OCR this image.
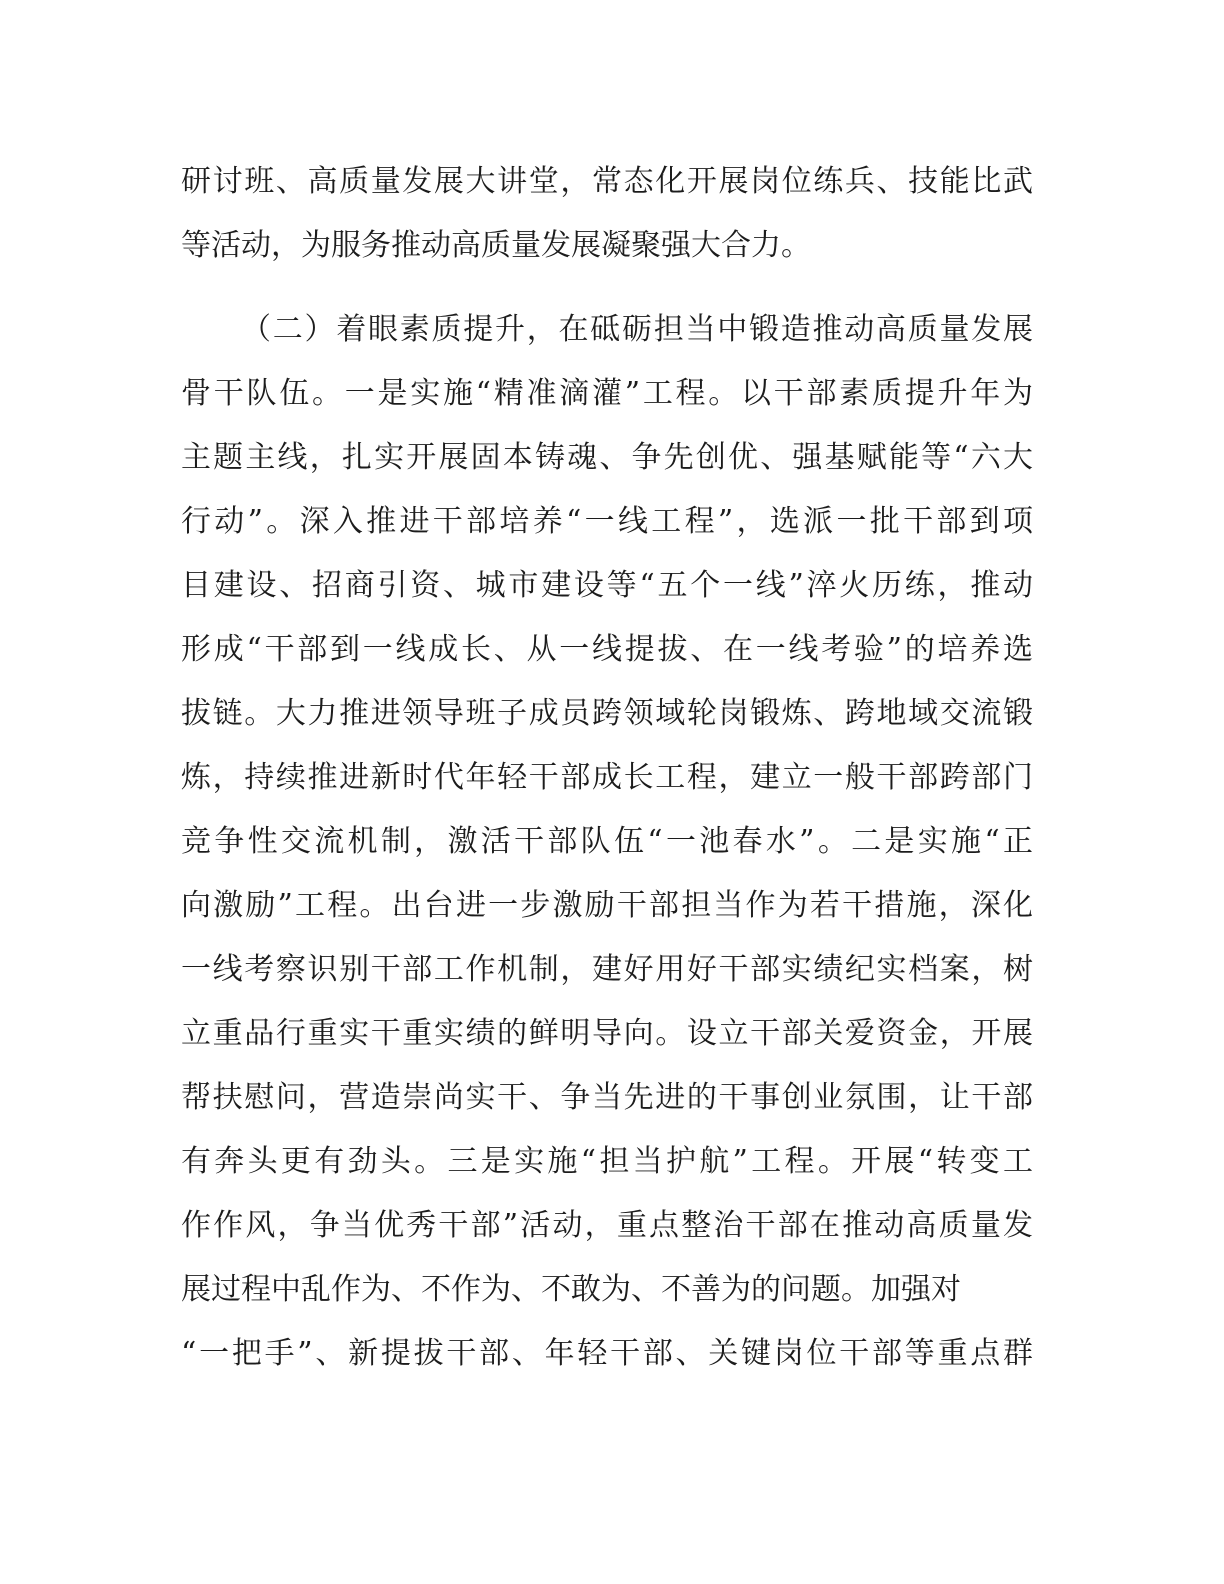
研讨班、高质量发展大讲堂，常态化开展岗位练兵、技能比武
等活动，为服务推动高质量发展凝聚强大合力。
（二）着眼素质提升，在砥砺担当中锻造推动高质量发展
骨干队伍。一是实施“精准滴灌”工程。以干部素质提升年为
主题主线，扎实开展固本铸魂、争先创优、强基赋能等“六大
行动”。深入推进干部培养“一线工程”，选派一批干部到项
目建设、招商引资、城市建设等“五个一线”淬火历练，推动
形成“干部到一线成长、从一线提拔、在一线考验”的培养选
拔链。大力推进领导班子成员跨领域轮岗锻炼、跨地域交流锻
炼，持续推进新时代年轻干部成长工程，建立一般干部跨部门
竞争性交流机制，激活干部队伍“一池春水”。二是实施“正
向激励”工程。出台进一步激励干部担当作为若干措施，深化
一线考察识别干部工作机制，建好用好干部实绩纪实档案，树
立重品行重实干重实绩的鲜明导向。设立干部关爱资金，开展
帮扶慰问，营造崇尚实干、争当先进的干事创业氛围，让干部
有奔头更有劲头。三是实施“担当护航”工程。开展“转变工
作作风，争当优秀干部”活动，重点整治干部在推动高质量发
展过程中乱作为、不作为、不敢为、不善为的问题。加强对
“一把手”、新提拔干部、年轻干部、关键岗位干部等重点群
